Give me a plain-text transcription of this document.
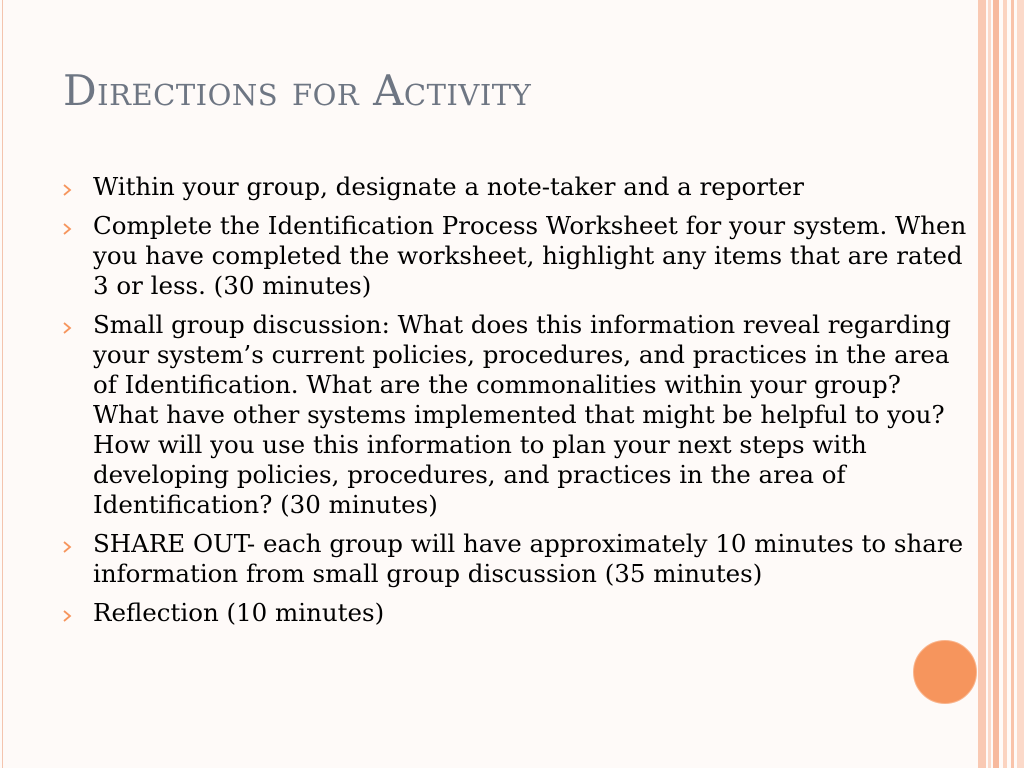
Directions for Activity
Within your group, designate a note-taker and a reporter
Complete the Identification Process Worksheet for your system. When you have completed the worksheet, highlight any items that are rated 3 or less. (30 minutes)
Small group discussion: What does this information reveal regarding your system’s current policies, procedures, and practices in the area of Identification. What are the commonalities within your group? What have other systems implemented that might be helpful to you? How will you use this information to plan your next steps with developing policies, procedures, and practices in the area of Identification? (30 minutes)
SHARE OUT- each group will have approximately 10 minutes to share information from small group discussion (35 minutes)
Reflection (10 minutes)
